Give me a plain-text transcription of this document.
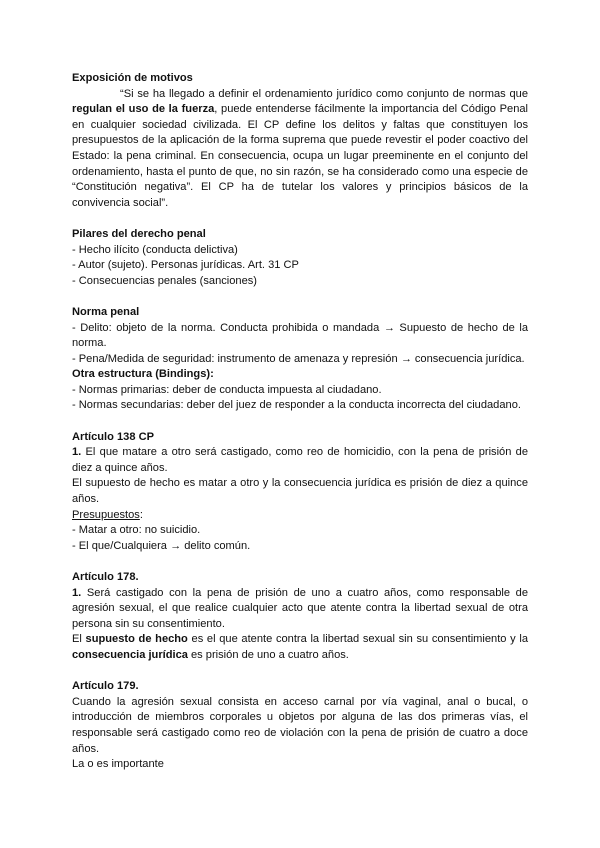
Exposición de motivos

“Si se ha llegado a definir el ordenamiento jurídico como conjunto de normas que regulan el uso de la fuerza, puede entenderse fácilmente la importancia del Código Penal en cualquier sociedad civilizada. El CP define los delitos y faltas que constituyen los presupuestos de la aplicación de la forma suprema que puede revestir el poder coactivo del Estado: la pena criminal. En consecuencia, ocupa un lugar preeminente en el conjunto del ordenamiento, hasta el punto de que, no sin razón, se ha considerado como una especie de “Constitución negativa”. El CP ha de tutelar los valores y principios básicos de la convivencia social”.

Pilares del derecho penal

- Hecho ilícito (conducta delictiva)

- Autor (sujeto). Personas jurídicas. Art. 31 CP

- Consecuencias penales (sanciones)

Norma penal

- Delito: objeto de la norma. Conducta prohibida o mandada → Supuesto de hecho de la norma.

- Pena/Medida de seguridad: instrumento de amenaza y represión → consecuencia jurídica.

Otra estructura (Bindings):

- Normas primarias: deber de conducta impuesta al ciudadano.

- Normas secundarias: deber del juez de responder a la conducta incorrecta del ciudadano.

Artículo 138 CP

1. El que matare a otro será castigado, como reo de homicidio, con la pena de prisión de diez a quince años.

El supuesto de hecho es matar a otro y la consecuencia jurídica es prisión de diez a quince años.

Presupuestos:

- Matar a otro: no suicidio.

- El que/Cualquiera → delito común.

Artículo 178.

1. Será castigado con la pena de prisión de uno a cuatro años, como responsable de agresión sexual, el que realice cualquier acto que atente contra la libertad sexual de otra persona sin su consentimiento.

El supuesto de hecho es el que atente contra la libertad sexual sin su consentimiento y la consecuencia jurídica es prisión de uno a cuatro años.

Artículo 179.

Cuando la agresión sexual consista en acceso carnal por vía vaginal, anal o bucal, o introducción de miembros corporales u objetos por alguna de las dos primeras vías, el responsable será castigado como reo de violación con la pena de prisión de cuatro a doce años.

La o es importante
